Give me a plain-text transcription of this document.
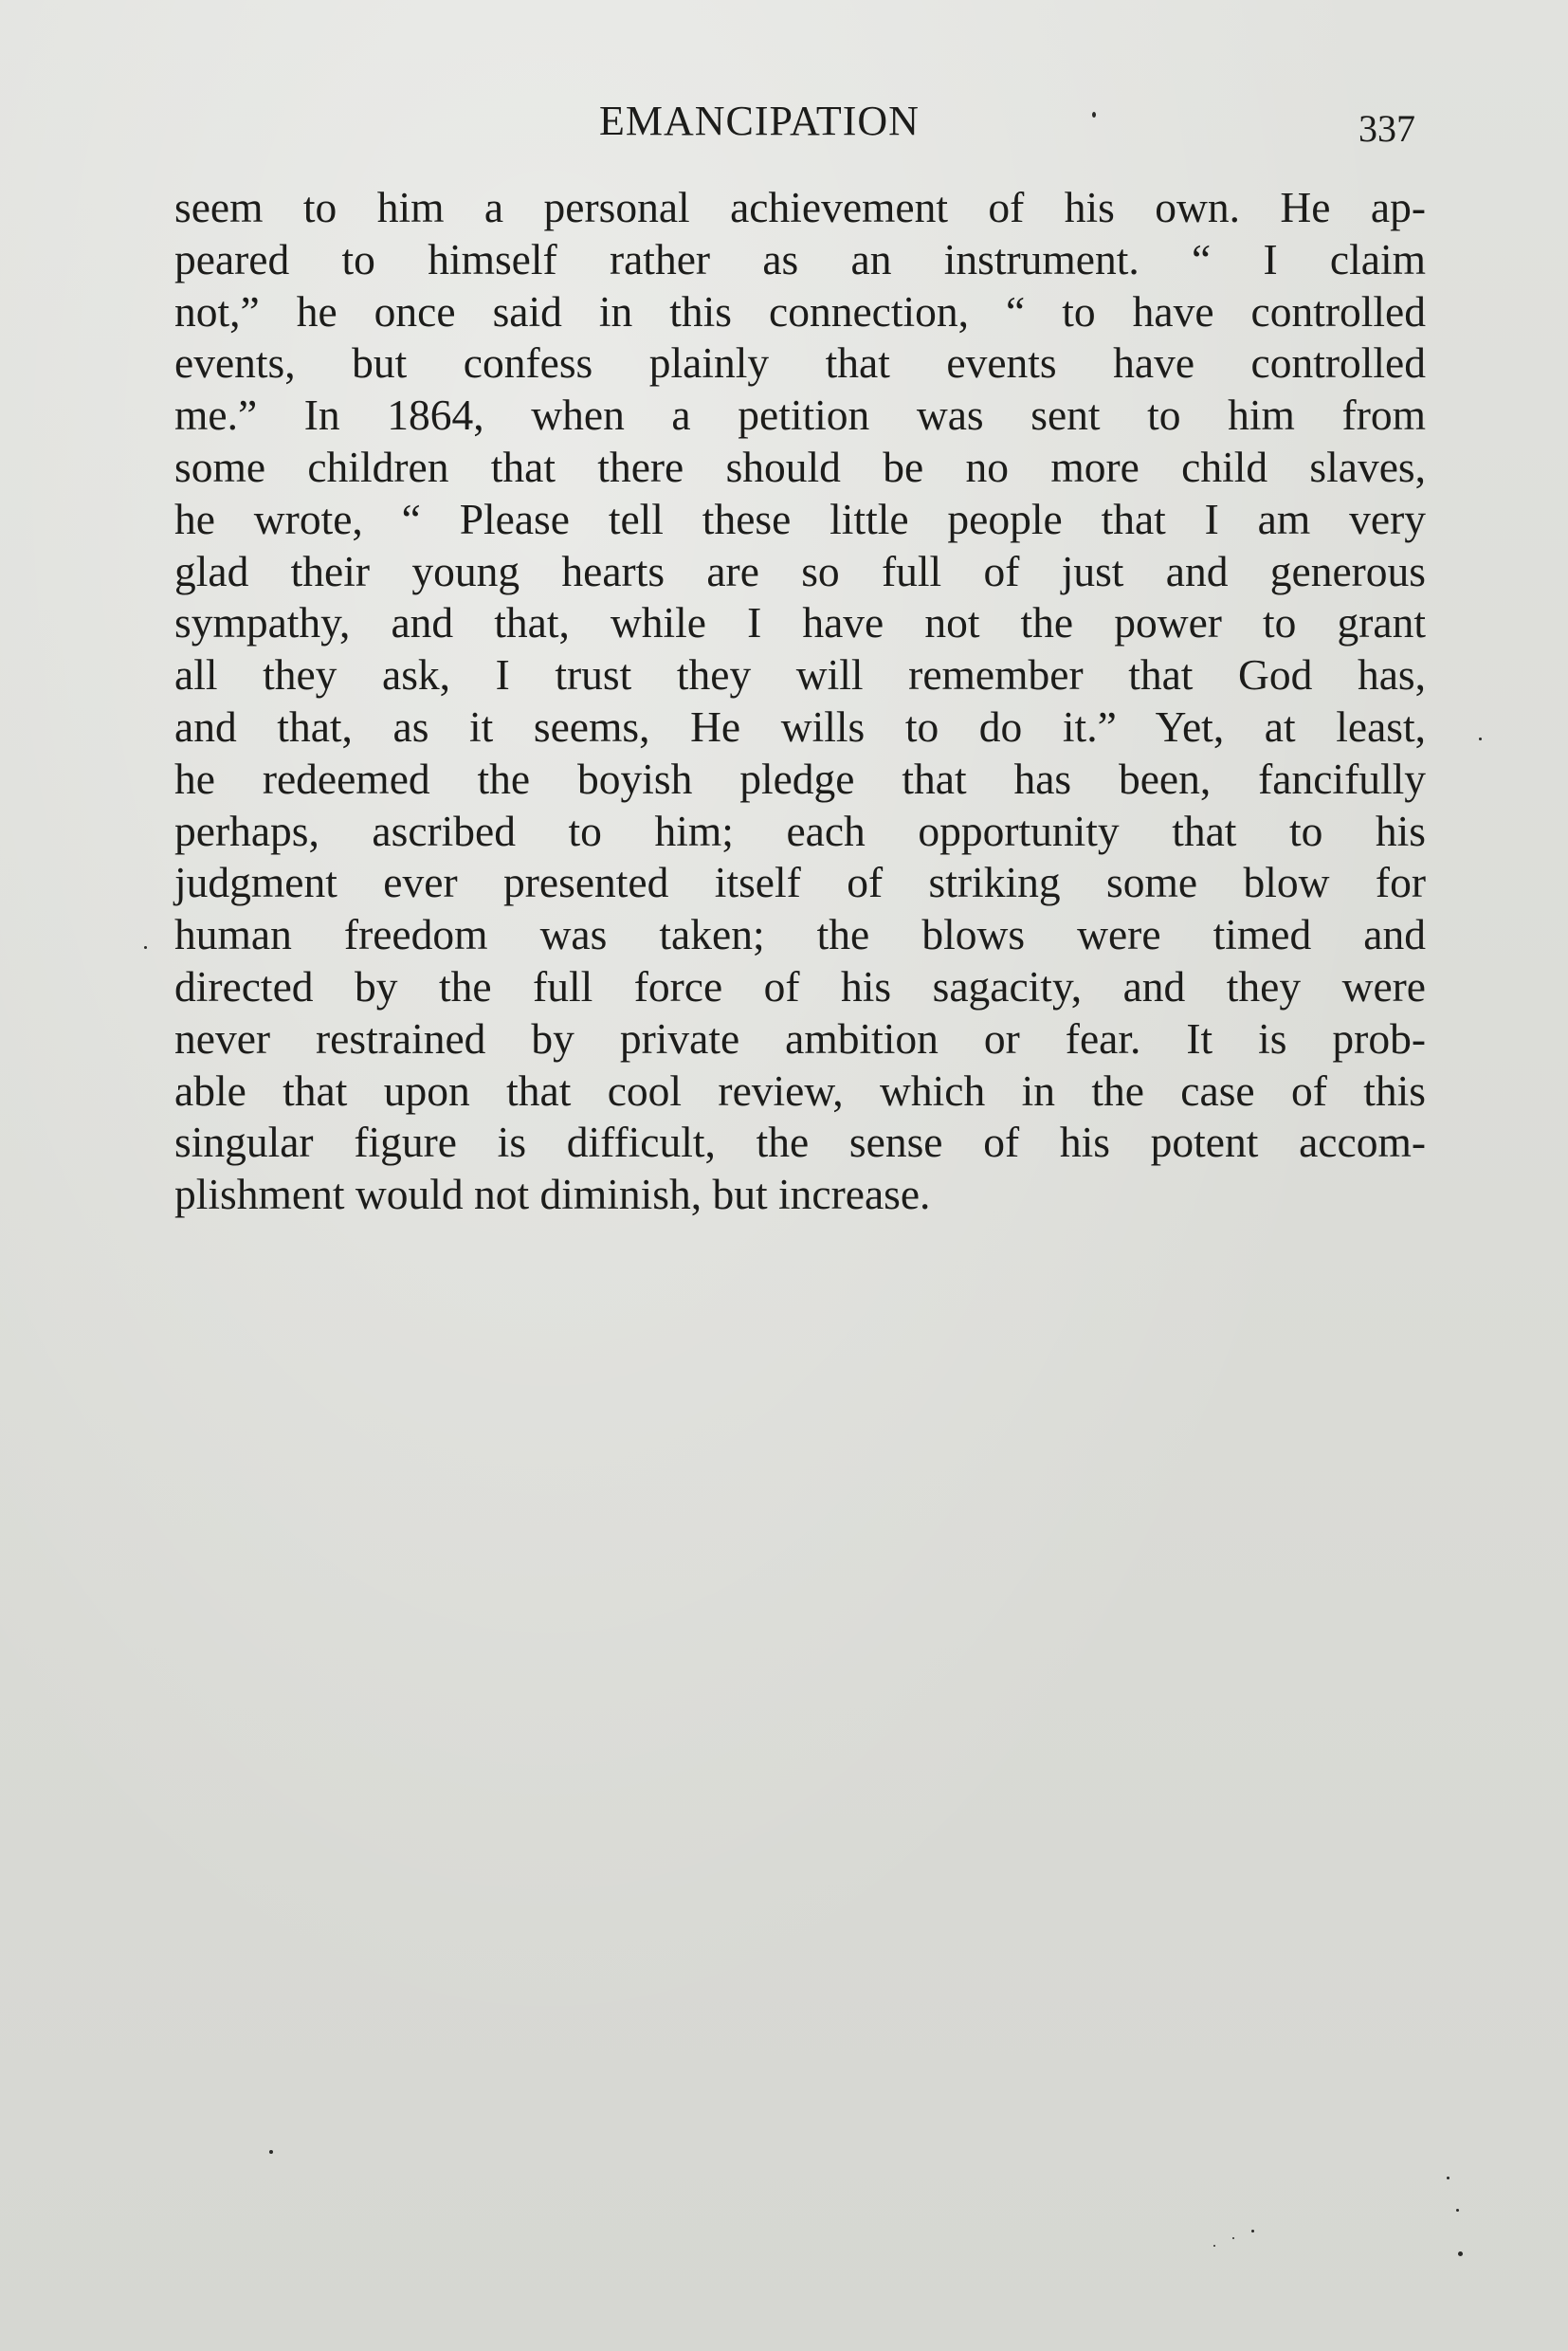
EMANCIPATION	337
seem to him a personal achievement of his own. He ap-
peared to himself rather as an instrument. “ I claim
not,” he once said in this connection, “ to have controlled
events, but confess plainly that events have controlled
me.” In 1864, when a petition was sent to him from
some children that there should be no more child slaves,
he wrote, “ Please tell these little people that I am very
glad their young hearts are so full of just and generous
sympathy, and that, while I have not the power to grant
all they ask, I trust they will remember that God has,
and that, as it seems, He wills to do it.” Yet, at least,
he redeemed the boyish pledge that has been, fancifully
perhaps, ascribed to him; each opportunity that to his
judgment ever presented itself of striking some blow for
human freedom was taken; the blows were timed and
directed by the full force of his sagacity, and they were
never restrained by private ambition or fear. It is prob-
able that upon that cool review, which in the case of this
singular figure is difficult, the sense of his potent accom-
plishment would not diminish, but increase.
